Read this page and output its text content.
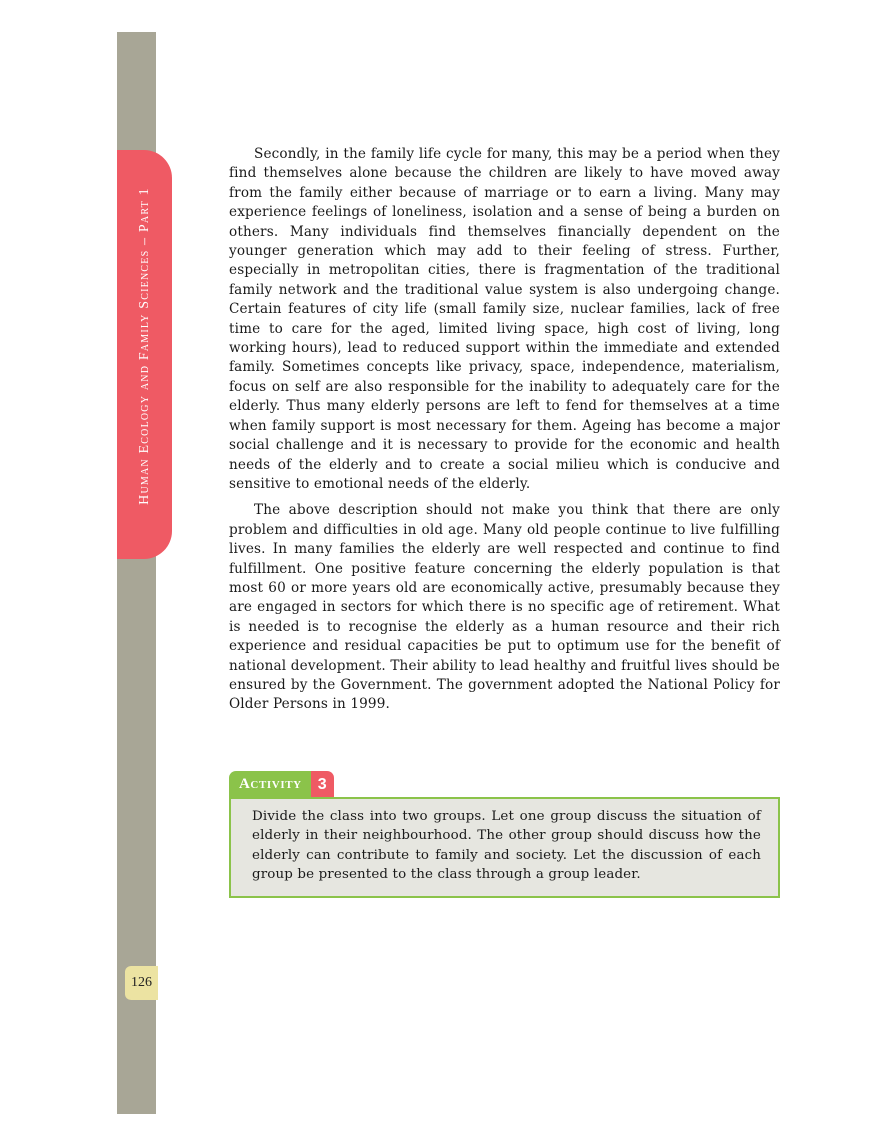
Human Ecology and Family Sciences – Part 1
126

Secondly, in the family life cycle for many, this may be a period when they find themselves alone because the children are likely to have moved away from the family either because of marriage or to earn a living. Many may experience feelings of loneliness, isolation and a sense of being a burden on others. Many individuals find themselves financially dependent on the younger generation which may add to their feeling of stress. Further, especially in metropolitan cities, there is fragmentation of the traditional family network and the traditional value system is also undergoing change. Certain features of city life (small family size, nuclear families, lack of free time to care for the aged, limited living space, high cost of living, long working hours), lead to reduced support within the immediate and extended family. Sometimes concepts like privacy, space, independence, materialism, focus on self are also responsible for the inability to adequately care for the elderly. Thus many elderly persons are left to fend for themselves at a time when family support is most necessary for them. Ageing has become a major social challenge and it is necessary to provide for the economic and health needs of the elderly and to create a social milieu which is conducive and sensitive to emotional needs of the elderly.

The above description should not make you think that there are only problem and difficulties in old age. Many old people continue to live fulfilling lives. In many families the elderly are well respected and continue to find fulfillment. One positive feature concerning the elderly population is that most 60 or more years old are economically active, presumably because they are engaged in sectors for which there is no specific age of retirement. What is needed is to recognise the elderly as a human resource and their rich experience and residual capacities be put to optimum use for the benefit of national development. Their ability to lead healthy and fruitful lives should be ensured by the Government. The government adopted the National Policy for Older Persons in 1999.

Activity	3

Divide the class into two groups. Let one group discuss the situation of elderly in their neighbourhood. The other group should discuss how the elderly can contribute to family and society. Let the discussion of each group be presented to the class through a group leader.
